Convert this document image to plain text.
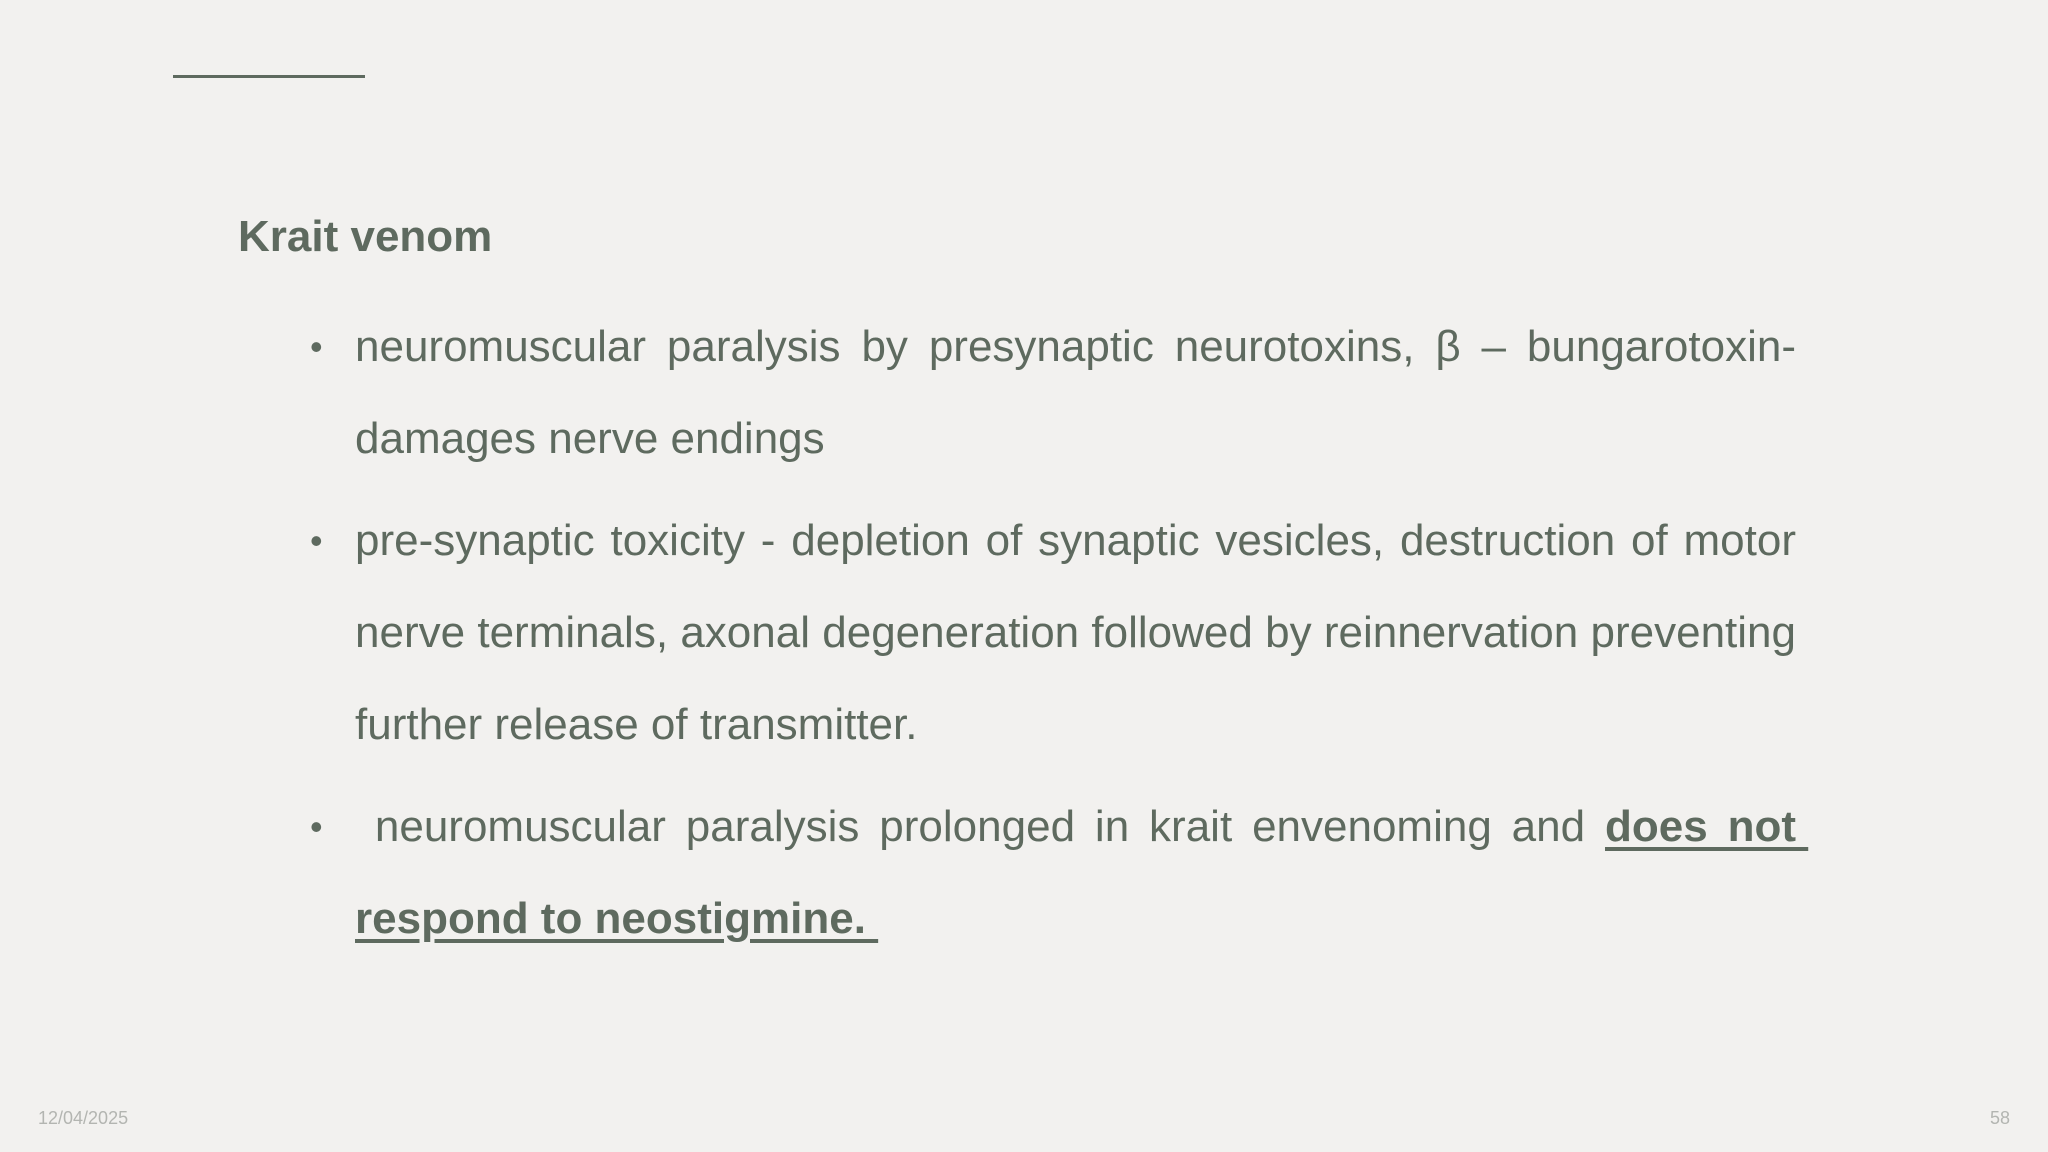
Krait venom
• neuromuscular paralysis by presynaptic neurotoxins, β – bungarotoxin- damages nerve endings
• pre-synaptic toxicity - depletion of synaptic vesicles, destruction of motor nerve terminals, axonal degeneration followed by reinnervation preventing further release of transmitter.
• neuromuscular paralysis prolonged in krait envenoming and does not respond to neostigmine.
12/04/2025	58
